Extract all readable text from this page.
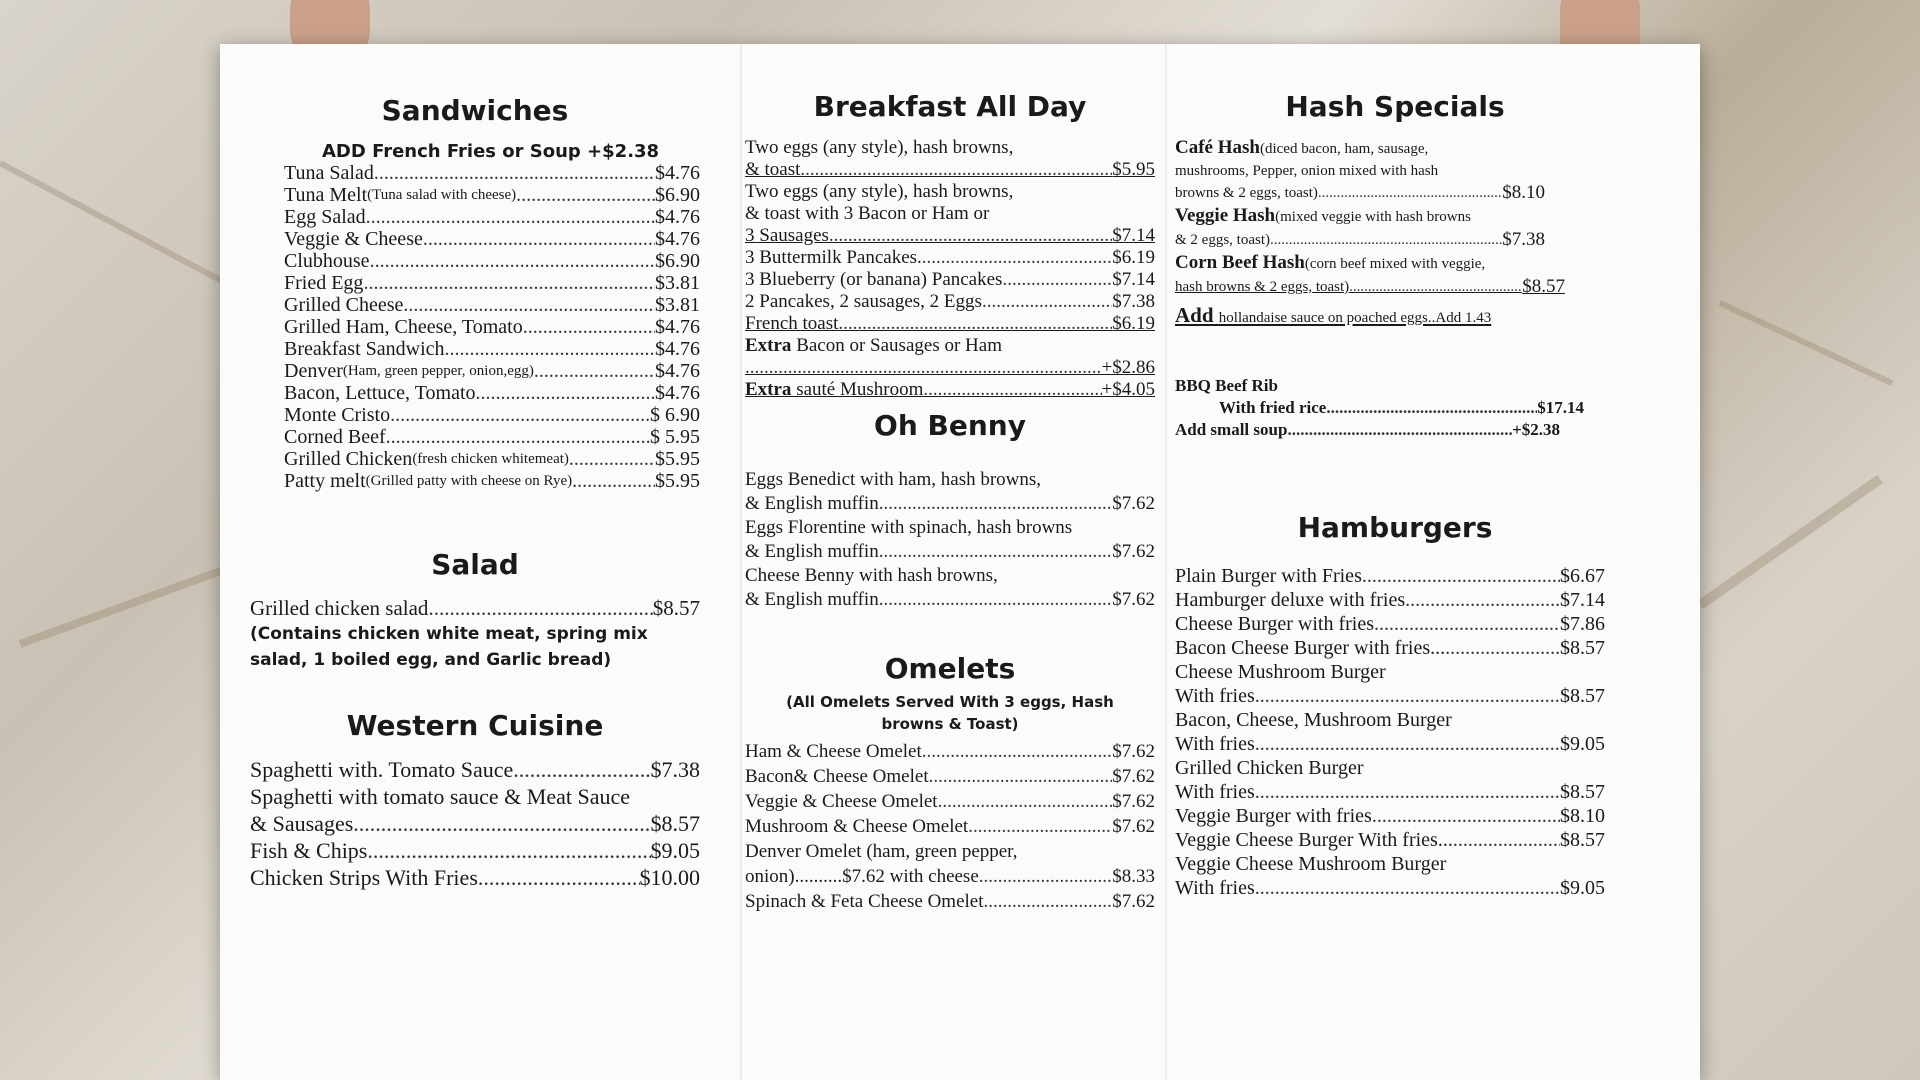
Sandwiches
ADD French Fries or Soup +$2.38
Tuna Salad .....	$4.76
Tuna Melt (Tuna salad with cheese) .....	$6.90
Egg Salad .....	$4.76
Veggie & Cheese .....	$4.76
Clubhouse .....	$6.90
Fried Egg .....	$3.81
Grilled Cheese .....	$3.81
Grilled Ham, Cheese, Tomato .....	$4.76
Breakfast Sandwich .....	$4.76
Denver (Ham, green pepper, onion,egg) .....	$4.76
Bacon, Lettuce, Tomato .....	$4.76
Monte Cristo .....	$ 6.90
Corned Beef .....	$ 5.95
Grilled Chicken (fresh chicken whitemeat) .....	$5.95
Patty melt (Grilled patty with cheese on Rye) .....	$5.95
Salad
Grilled chicken salad .....	$8.57
(Contains chicken white meat, spring mix salad, 1 boiled egg, and Garlic bread)
Western Cuisine
Spaghetti with. Tomato Sauce .....	$7.38
Spaghetti with tomato sauce & Meat Sauce
& Sausages .....	$8.57
Fish & Chips .....	$9.05
Chicken Strips With Fries .....	$10.00
Breakfast All Day
Two eggs (any style), hash browns,
& toast .....	$5.95
Two eggs (any style), hash browns,
& toast with 3 Bacon or Ham or
3 Sausages .....	$7.14
3 Buttermilk Pancakes. .....	$6.19
3 Blueberry (or banana) Pancakes .....	$7.14
2 Pancakes, 2 sausages, 2 Eggs .....	$7.38
French toast .....	$6.19
Extra Bacon or Sausages or Ham
.....
+$2.86
Extra sauté Mushroom .....	+$4.05
Oh Benny
Eggs Benedict with ham, hash browns,
& English muffin .....	$7.62
Eggs Florentine with spinach, hash browns
& English muffin .....	$7.62
Cheese Benny with hash browns,
& English muffin .....	$7.62
Omelets
(All Omelets Served With 3 eggs, Hash browns & Toast)
Ham & Cheese Omelet .....	$7.62
Bacon& Cheese Omelet .....	$7.62
Veggie & Cheese Omelet .....	$7.62
Mushroom & Cheese Omelet .....	$7.62
Denver Omelet (ham, green pepper,
onion)..........$7.62 with cheese .....	$8.33
Spinach & Feta Cheese Omelet .....	$7.62
Hash Specials
Café Hash(diced bacon, ham, sausage,
mushrooms, Pepper, onion mixed with hash
browns & 2 eggs, toast) .....	$8.10
Veggie Hash(mixed veggie with hash browns
& 2 eggs, toast) .....	$7.38
Corn Beef Hash(corn beef mixed with veggie,
hash browns & 2 eggs, toast) .....	$8.57
Add hollandaise sauce on poached eggs..Add 1.43
BBQ Beef Rib
With fried rice .....	$17.14
Add small soup .....	+$2.38
Hamburgers
Plain Burger with Fries .....	$6.67
Hamburger deluxe with fries .....	$7.14
Cheese Burger with fries .....	$7.86
Bacon Cheese Burger with fries... .....	$8.57
Cheese Mushroom Burger
With fries .....	$8.57
Bacon, Cheese, Mushroom Burger
With fries .....	$9.05
Grilled Chicken Burger
With fries .....	$8.57
Veggie Burger with fries .....	$8.10
Veggie Cheese Burger With fries... .....	$8.57
Veggie Cheese Mushroom Burger
With fries .....	$9.05
